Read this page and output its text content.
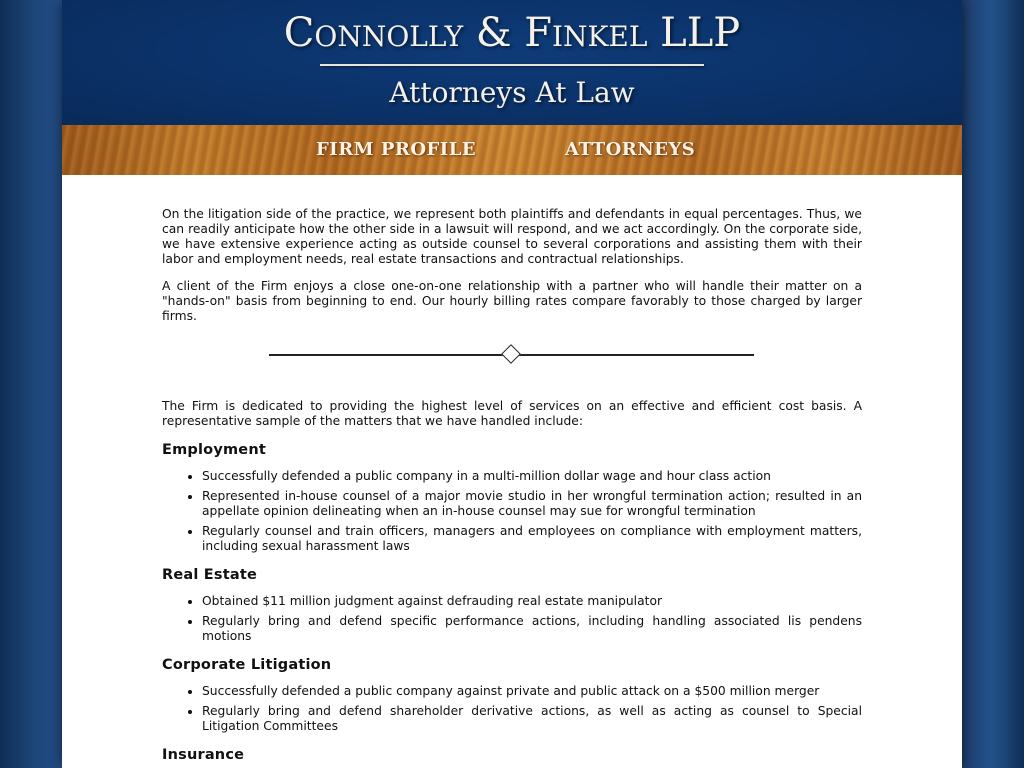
Connolly & Finkel LLP
Attorneys At Law
FIRM PROFILE	ATTORNEYS

On the litigation side of the practice, we represent both plaintiffs and defendants in equal percentages. Thus, we can readily anticipate how the other side in a lawsuit will respond, and we act accordingly. On the corporate side, we have extensive experience acting as outside counsel to several corporations and assisting them with their labor and employment needs, real estate transactions and contractual relationships.

A client of the Firm enjoys a close one-on-one relationship with a partner who will handle their matter on a "hands-on" basis from beginning to end. Our hourly billing rates compare favorably to those charged by larger firms.

The Firm is dedicated to providing the highest level of services on an effective and efficient cost basis. A representative sample of the matters that we have handled include:

Employment
• Successfully defended a public company in a multi-million dollar wage and hour class action
• Represented in-house counsel of a major movie studio in her wrongful termination action; resulted in an appellate opinion delineating when an in-house counsel may sue for wrongful termination
• Regularly counsel and train officers, managers and employees on compliance with employment matters, including sexual harassment laws
Real Estate
• Obtained $11 million judgment against defrauding real estate manipulator
• Regularly bring and defend specific performance actions, including handling associated lis pendens motions
Corporate Litigation
• Successfully defended a public company against private and public attack on a $500 million merger
• Regularly bring and defend shareholder derivative actions, as well as acting as counsel to Special Litigation Committees
Insurance
